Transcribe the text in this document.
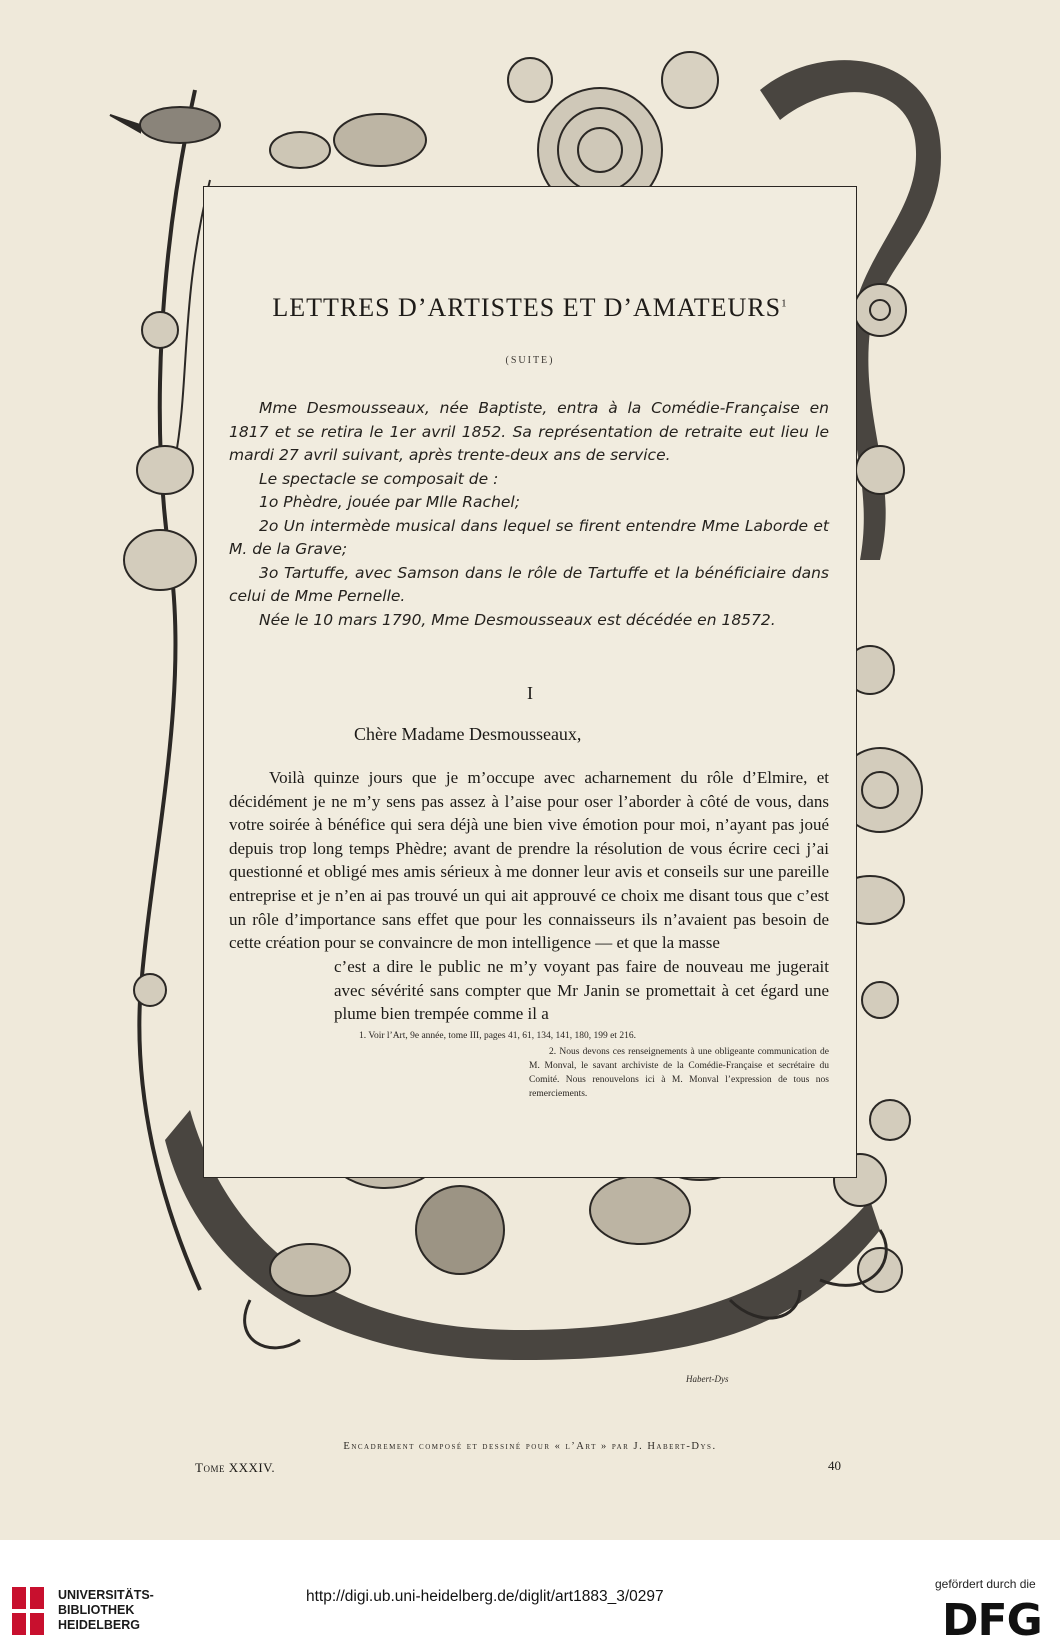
LETTRES D’ARTISTES ET D’AMATEURS$^1$
(SUITE)

Mme Desmousseaux, née Baptiste, entra à la Comédie-Française en 1817 et se retira le 1er avril 1852. Sa représentation de retraite eut lieu le mardi 27 avril suivant, après trente-deux ans de service.

Le spectacle se composait de :

1o Phèdre, jouée par Mlle Rachel;

2o Un intermède musical dans lequel se firent entendre Mme Laborde et M. de la Grave;

3o Tartuffe, avec Samson dans le rôle de Tartuffe et la bénéficiaire dans celui de Mme Pernelle.

Née le 10 mars 1790, Mme Desmousseaux est décédée en 18572.

I
Chère Madame Desmousseaux,

Voilà quinze jours que je m’occupe avec acharnement du rôle d’Elmire, et décidément je ne m’y sens pas assez à l’aise pour oser l’aborder à côté de vous, dans votre soirée à bénéfice qui sera déjà une bien vive émotion pour moi, n’ayant pas joué depuis trop long temps Phèdre; avant de prendre la résolution de vous écrire ceci j’ai questionné et obligé mes amis sérieux à me donner leur avis et conseils sur une pareille entreprise et je n’en ai pas trouvé un qui ait approuvé ce choix me disant tous que c’est un rôle d’importance sans effet que pour les connaisseurs ils n’avaient pas besoin de cette création pour se convaincre de mon intelligence — et que la masse

c’est a dire le public ne m’y voyant pas faire de nouveau me jugerait avec sévérité sans compter que Mr Janin se promettait à cet égard une plume bien trempée comme il a

1. Voir l’Art, 9e année, tome III, pages 41, 61, 134, 141, 180, 199 et 216.
2. Nous devons ces renseignements à une obligeante communication de M. Monval, le savant archiviste de la Comédie-Française et secrétaire du Comité. Nous renouvelons ici à M. Monval l’expression de tous nos remerciements.
Habert-Dys
Encadrement composé et dessiné pour « l’Art » par J. Habert-Dys.
Tome XXXIV.	40
UNIVERSITÄTS-
BIBLIOTHEK
HEIDELBERG
http://digi.ub.uni-heidelberg.de/diglit/art1883_3/0297
gefördert durch die
DFG
